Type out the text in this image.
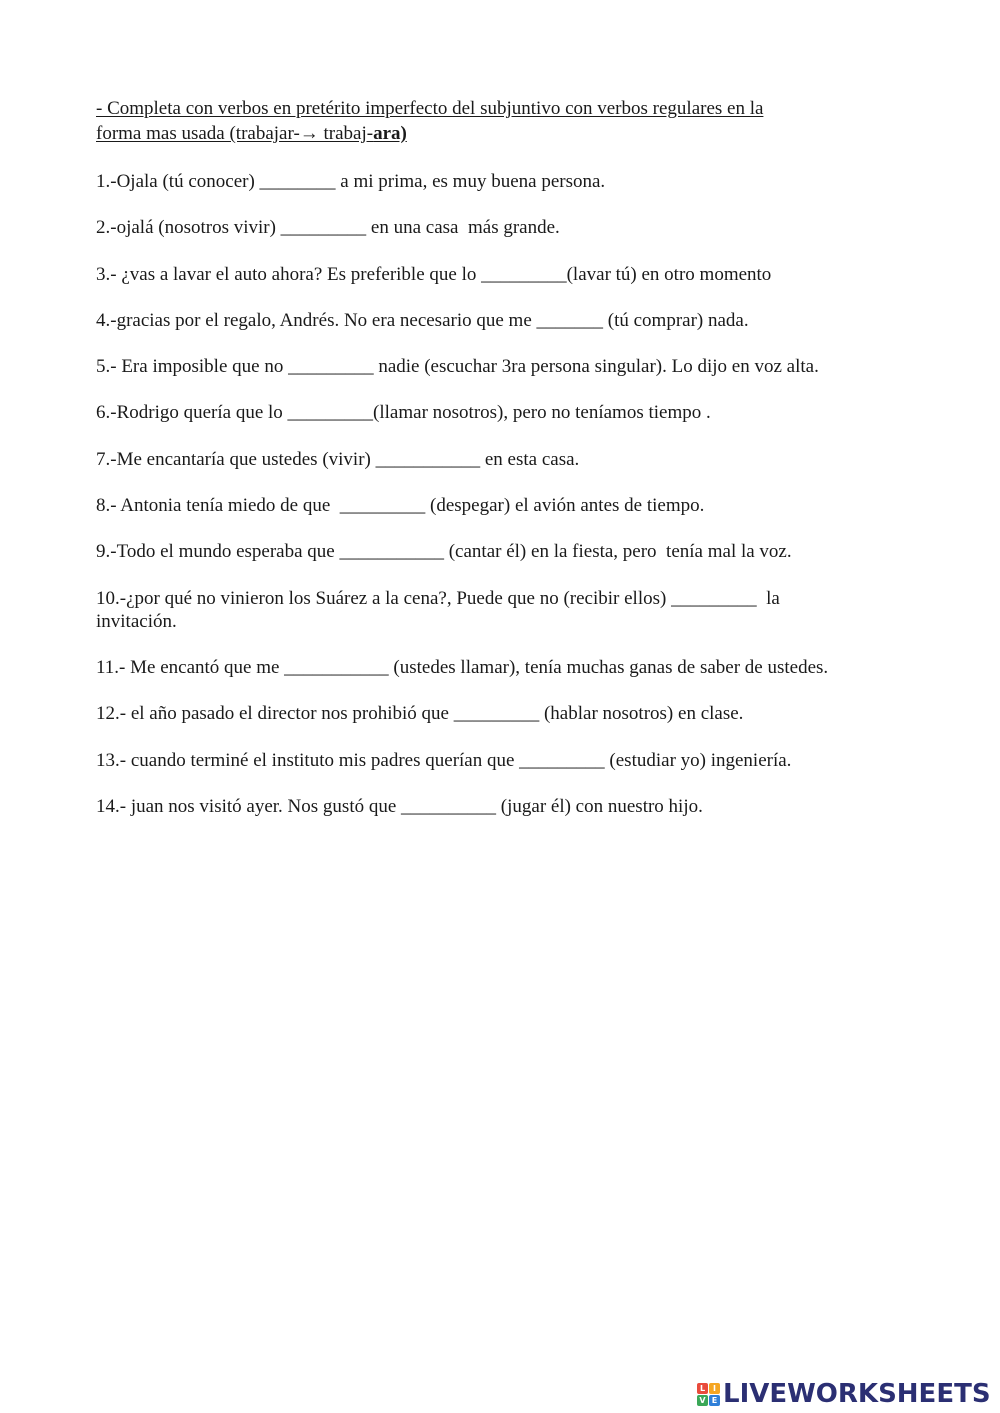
- Completa con verbos en pretérito imperfecto del subjuntivo con verbos regulares en la
forma mas usada (trabajar-→ trabaj-ara)
1.-Ojala (tú conocer) ________ a mi prima, es muy buena persona.
2.-ojalá (nosotros vivir) _________ en una casa  más grande.
3.- ¿vas a lavar el auto ahora? Es preferible que lo _________(lavar tú) en otro momento
4.-gracias por el regalo, Andrés. No era necesario que me _______ (tú comprar) nada.
5.- Era imposible que no _________ nadie (escuchar 3ra persona singular). Lo dijo en voz alta.
6.-Rodrigo quería que lo _________(llamar nosotros), pero no teníamos tiempo .
7.-Me encantaría que ustedes (vivir) ___________ en esta casa.
8.- Antonia tenía miedo de que  _________ (despegar) el avión antes de tiempo.
9.-Todo el mundo esperaba que ___________ (cantar él) en la fiesta, pero  tenía mal la voz.
10.-¿por qué no vinieron los Suárez a la cena?, Puede que no (recibir ellos) _________  la invitación.
11.- Me encantó que me ___________ (ustedes llamar), tenía muchas ganas de saber de ustedes.
12.- el año pasado el director nos prohibió que _________ (hablar nosotros) en clase.
13.- cuando terminé el instituto mis padres querían que _________ (estudiar yo) ingeniería.
14.- juan nos visitó ayer. Nos gustó que __________ (jugar él) con nuestro hijo.
L I
V E LIVEWORKSHEETS
